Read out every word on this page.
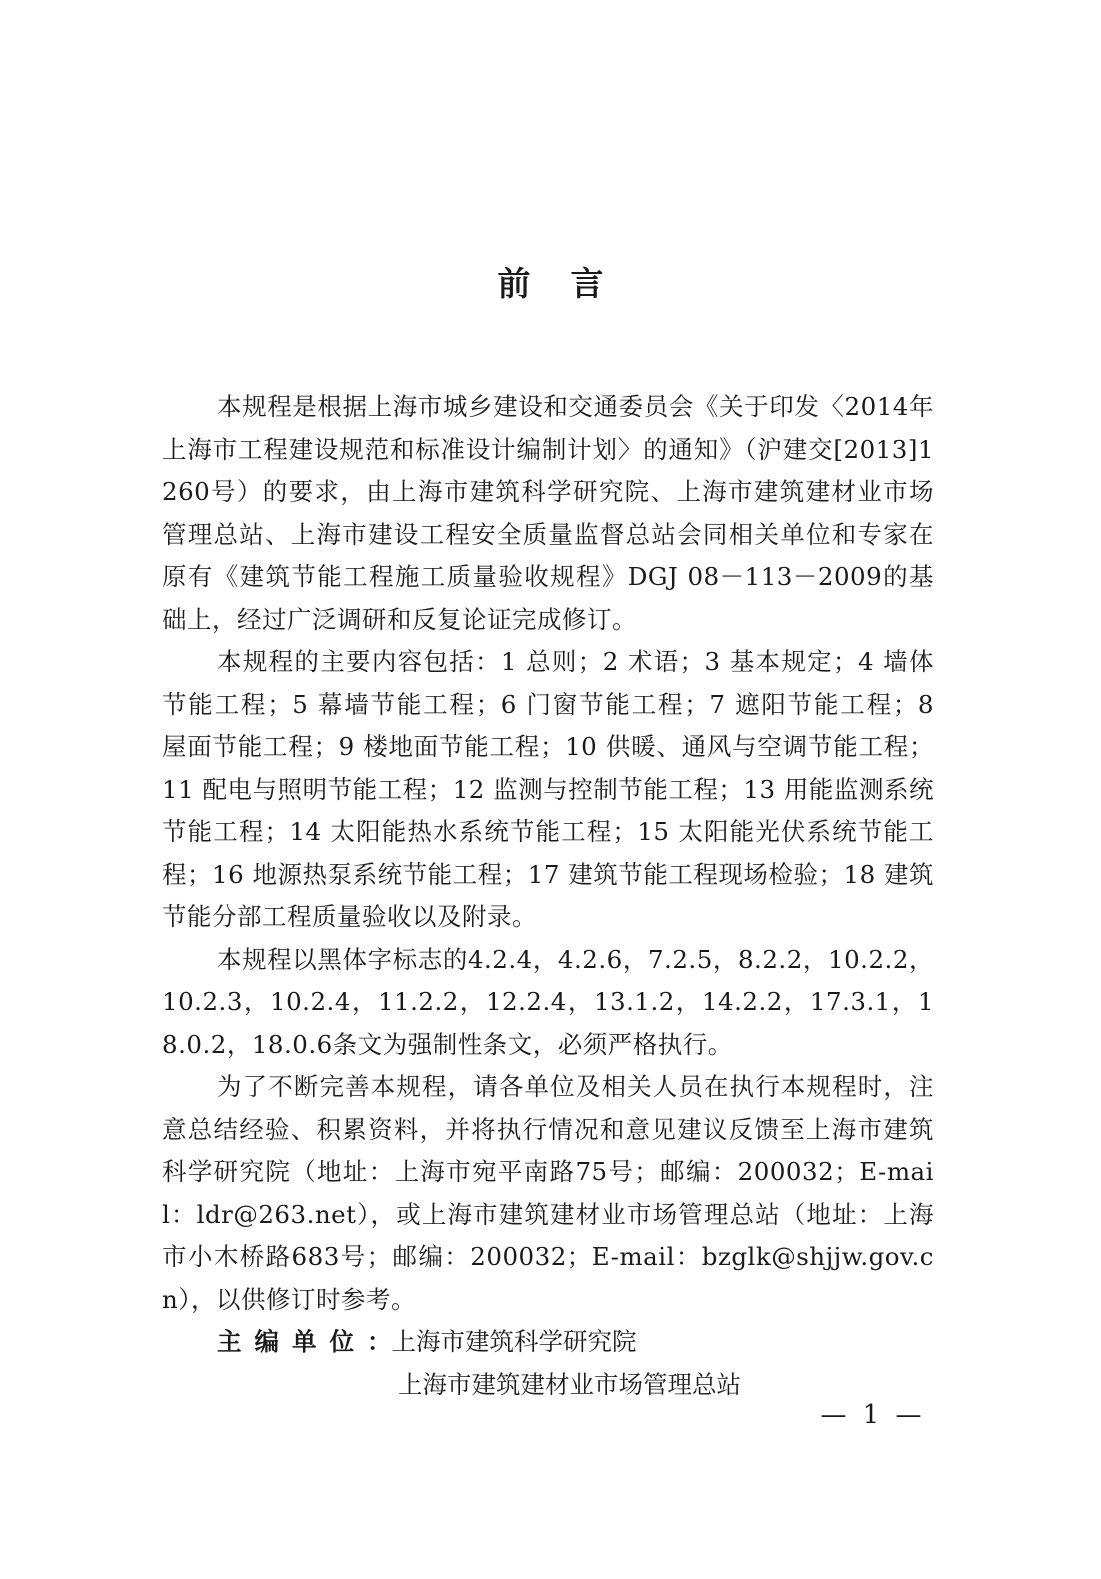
前言

本规程是根据上海市城乡建设和交通委员会《关于印发〈2014年上海市工程建设规范和标准设计编制计划〉的通知》（沪建交[2013]1260号）的要求，由上海市建筑科学研究院、上海市建筑建材业市场管理总站、上海市建设工程安全质量监督总站会同相关单位和专家在原有《建筑节能工程施工质量验收规程》DGJ 08－113－2009的基础上，经过广泛调研和反复论证完成修订。

本规程的主要内容包括：1 总则；2 术语；3 基本规定；4 墙体节能工程；5 幕墙节能工程；6 门窗节能工程；7 遮阳节能工程；8 屋面节能工程；9 楼地面节能工程；10 供暖、通风与空调节能工程；11 配电与照明节能工程；12 监测与控制节能工程；13 用能监测系统节能工程；14 太阳能热水系统节能工程；15 太阳能光伏系统节能工程；16 地源热泵系统节能工程；17 建筑节能工程现场检验；18 建筑节能分部工程质量验收以及附录。

本规程以黑体字标志的4.2.4，4.2.6，7.2.5，8.2.2，10.2.2，10.2.3，10.2.4，11.2.2，12.2.4，13.1.2，14.2.2，17.3.1，18.0.2，18.0.6条文为强制性条文，必须严格执行。

为了不断完善本规程，请各单位及相关人员在执行本规程时，注意总结经验、积累资料，并将执行情况和意见建议反馈至上海市建筑科学研究院（地址：上海市宛平南路75号；邮编：200032；E-mail：ldr@263.net），或上海市建筑建材业市场管理总站（地址：上海市小木桥路683号；邮编：200032；E-mail：bzglk@shjjw.gov.cn），以供修订时参考。

主编单位 ： 上海市建筑科学研究院
上海市建筑建材业市场管理总站
— 1 —
